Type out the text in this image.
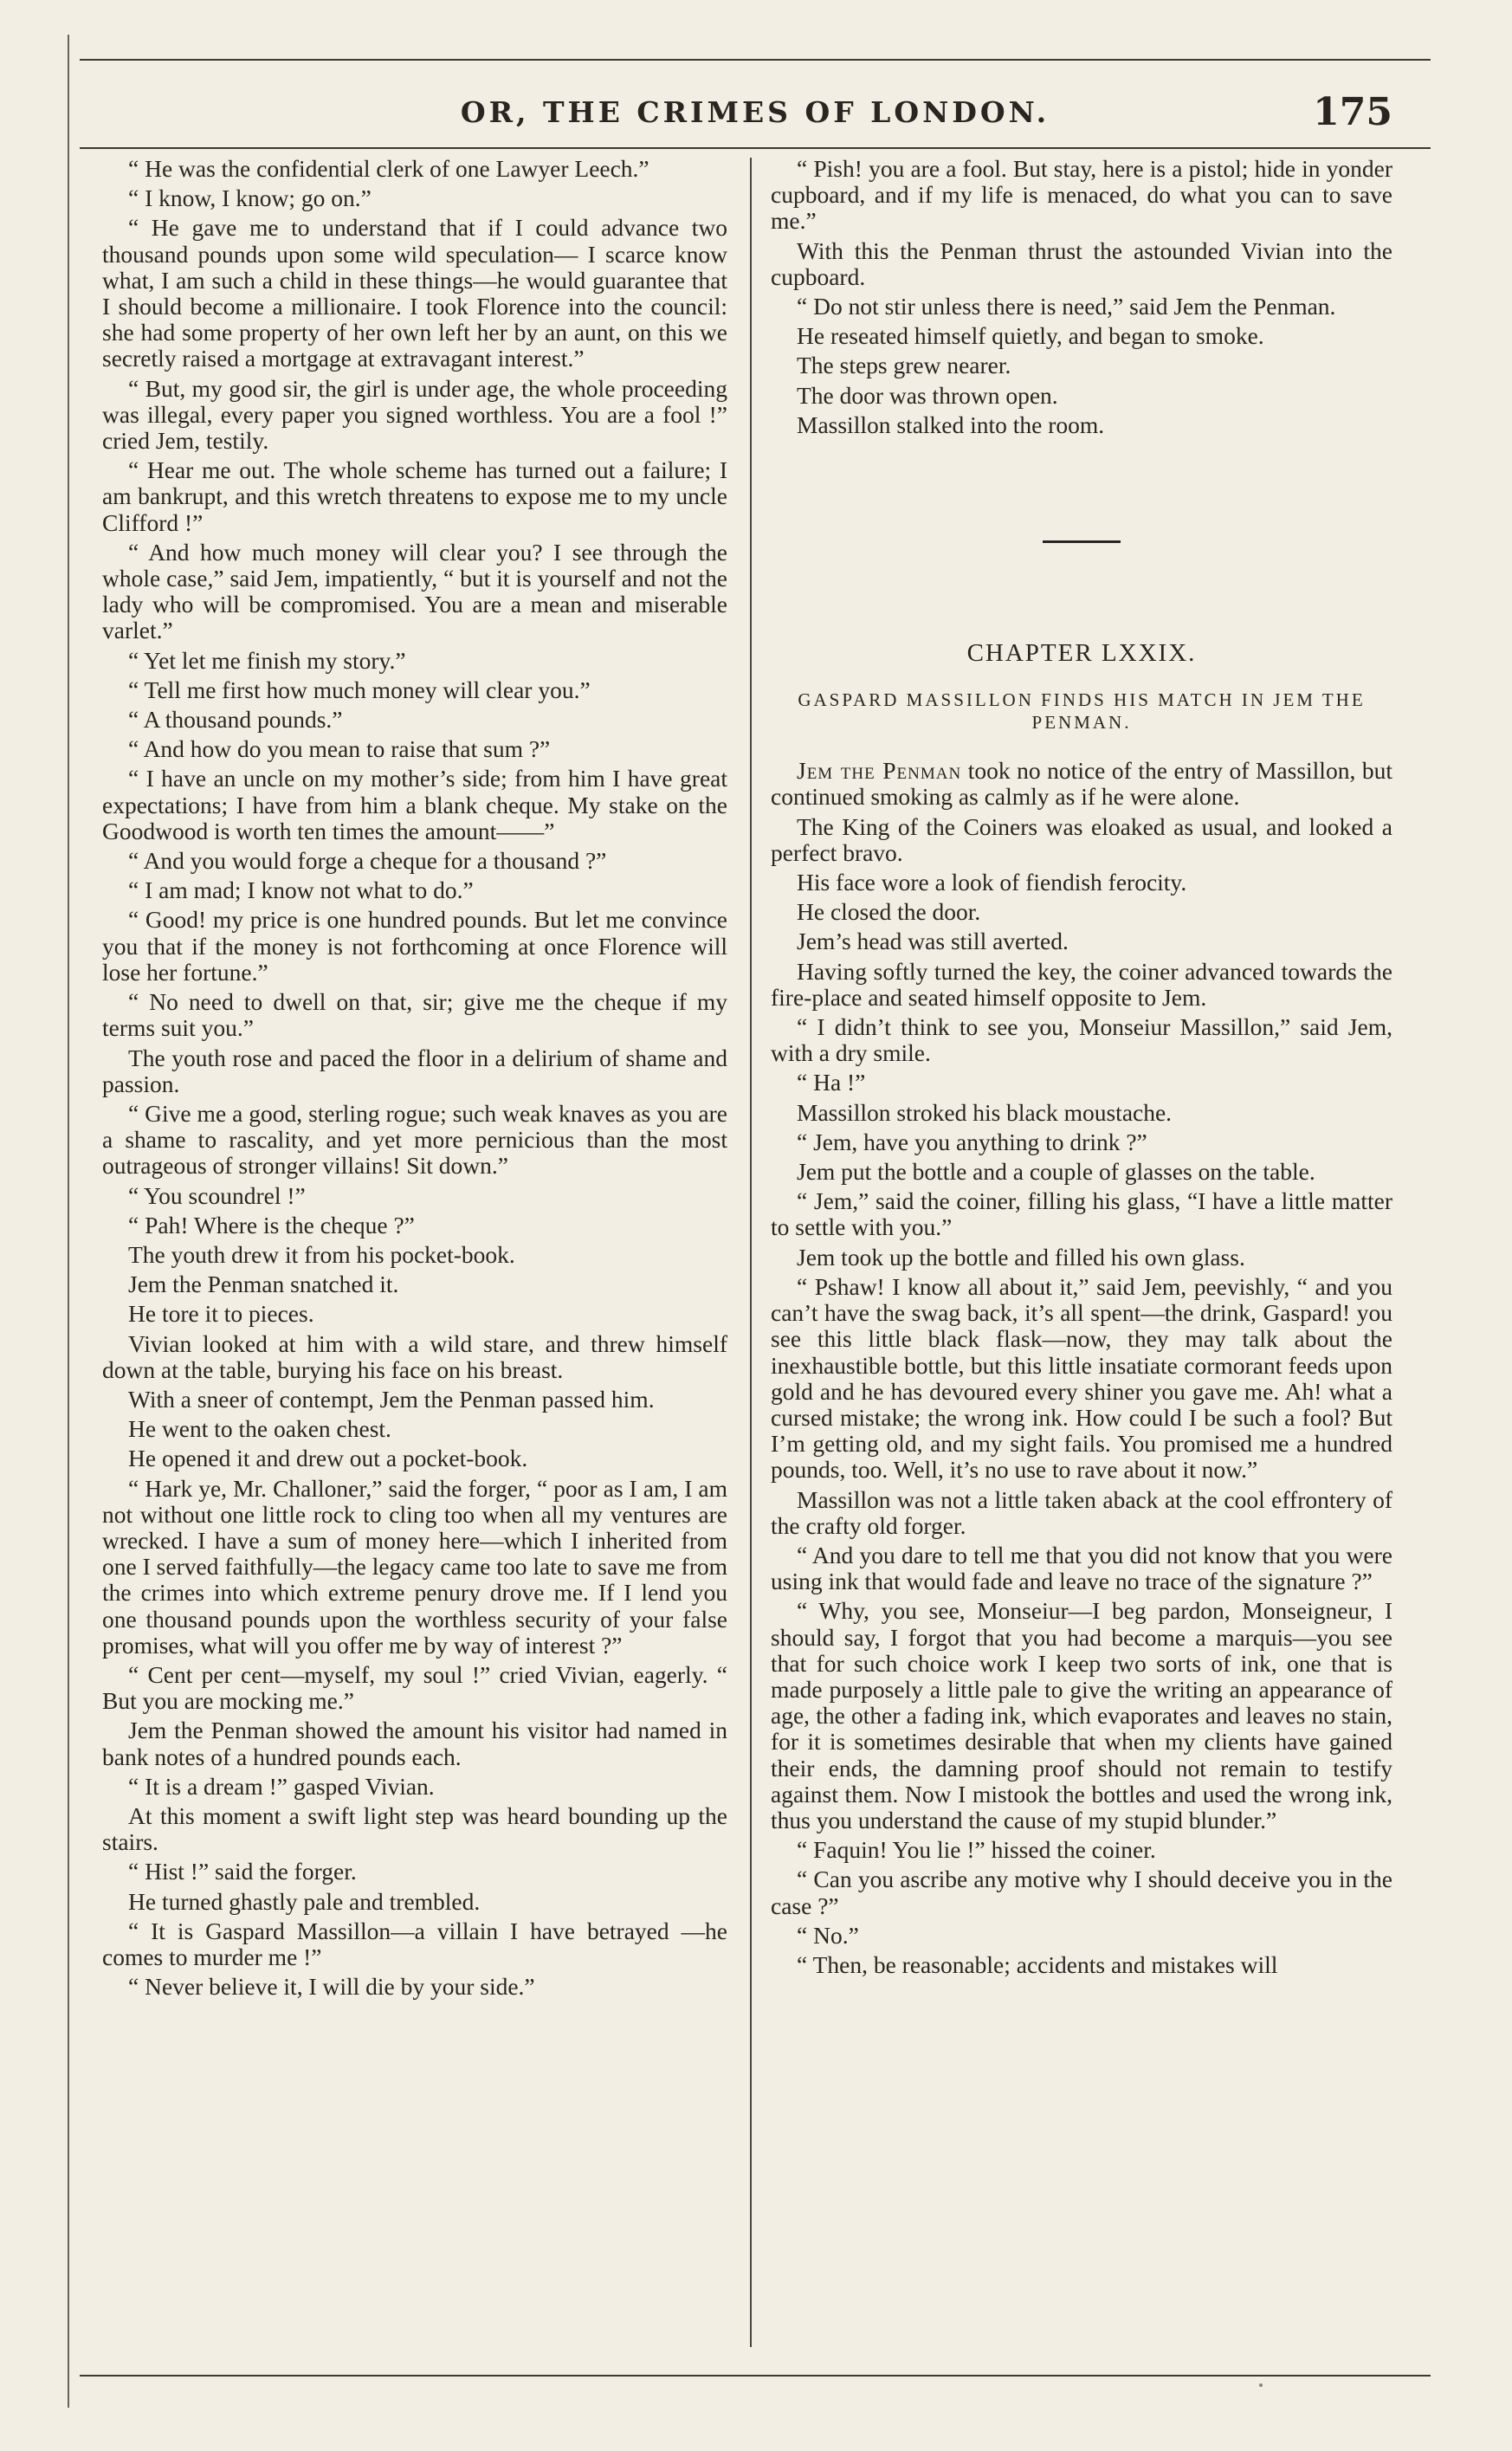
OR, THE CRIMES OF LONDON.	175

“ He was the confidential clerk of one Lawyer Leech.”

“ I know, I know; go on.”

“ He gave me to understand that if I could advance two thousand pounds upon some wild speculation— I scarce know what, I am such a child in these things—he would guarantee that I should become a millionaire. I took Florence into the council: she had some property of her own left her by an aunt, on this we secretly raised a mortgage at extravagant interest.”

“ But, my good sir, the girl is under age, the whole proceeding was illegal, every paper you signed worthless. You are a fool !” cried Jem, testily.

“ Hear me out. The whole scheme has turned out a failure; I am bankrupt, and this wretch threatens to expose me to my uncle Clifford !”

“ And how much money will clear you? I see through the whole case,” said Jem, impatiently, “ but it is yourself and not the lady who will be compromised. You are a mean and miserable varlet.”

“ Yet let me finish my story.”

“ Tell me first how much money will clear you.”

“ A thousand pounds.”

“ And how do you mean to raise that sum ?”

“ I have an uncle on my mother’s side; from him I have great expectations; I have from him a blank cheque. My stake on the Goodwood is worth ten times the amount——”

“ And you would forge a cheque for a thousand ?”

“ I am mad; I know not what to do.”

“ Good! my price is one hundred pounds. But let me convince you that if the money is not forthcoming at once Florence will lose her fortune.”

“ No need to dwell on that, sir; give me the cheque if my terms suit you.”

The youth rose and paced the floor in a delirium of shame and passion.

“ Give me a good, sterling rogue; such weak knaves as you are a shame to rascality, and yet more pernicious than the most outrageous of stronger villains! Sit down.”

“ You scoundrel !”

“ Pah! Where is the cheque ?”

The youth drew it from his pocket-book.

Jem the Penman snatched it.

He tore it to pieces.

Vivian looked at him with a wild stare, and threw himself down at the table, burying his face on his breast.

With a sneer of contempt, Jem the Penman passed him.

He went to the oaken chest.

He opened it and drew out a pocket-book.

“ Hark ye, Mr. Challoner,” said the forger, “ poor as I am, I am not without one little rock to cling too when all my ventures are wrecked. I have a sum of money here—which I inherited from one I served faithfully—the legacy came too late to save me from the crimes into which extreme penury drove me. If I lend you one thousand pounds upon the worthless security of your false promises, what will you offer me by way of interest ?”

“ Cent per cent—myself, my soul !” cried Vivian, eagerly. “ But you are mocking me.”

Jem the Penman showed the amount his visitor had named in bank notes of a hundred pounds each.

“ It is a dream !” gasped Vivian.

At this moment a swift light step was heard bounding up the stairs.

“ Hist !” said the forger.

He turned ghastly pale and trembled.

“ It is Gaspard Massillon—a villain I have betrayed —he comes to murder me !”

“ Never believe it, I will die by your side.”

“ Pish! you are a fool. But stay, here is a pistol; hide in yonder cupboard, and if my life is menaced, do what you can to save me.”

With this the Penman thrust the astounded Vivian into the cupboard.

“ Do not stir unless there is need,” said Jem the Penman.

He reseated himself quietly, and began to smoke.

The steps grew nearer.

The door was thrown open.

Massillon stalked into the room.

CHAPTER LXXIX.
GASPARD MASSILLON FINDS HIS MATCH IN JEM THE PENMAN.

Jem the Penman took no notice of the entry of Massillon, but continued smoking as calmly as if he were alone.

The King of the Coiners was eloaked as usual, and looked a perfect bravo.

His face wore a look of fiendish ferocity.

He closed the door.

Jem’s head was still averted.

Having softly turned the key, the coiner advanced towards the fire-place and seated himself opposite to Jem.

“ I didn’t think to see you, Monseiur Massillon,” said Jem, with a dry smile.

“ Ha !”

Massillon stroked his black moustache.

“ Jem, have you anything to drink ?”

Jem put the bottle and a couple of glasses on the table.

“ Jem,” said the coiner, filling his glass, “I have a little matter to settle with you.”

Jem took up the bottle and filled his own glass.

“ Pshaw! I know all about it,” said Jem, peevishly, “ and you can’t have the swag back, it’s all spent—the drink, Gaspard! you see this little black flask—now, they may talk about the inexhaustible bottle, but this little insatiate cormorant feeds upon gold and he has devoured every shiner you gave me. Ah! what a cursed mistake; the wrong ink. How could I be such a fool? But I’m getting old, and my sight fails. You promised me a hundred pounds, too. Well, it’s no use to rave about it now.”

Massillon was not a little taken aback at the cool effrontery of the crafty old forger.

“ And you dare to tell me that you did not know that you were using ink that would fade and leave no trace of the signature ?”

“ Why, you see, Monseiur—I beg pardon, Monseigneur, I should say, I forgot that you had become a marquis—you see that for such choice work I keep two sorts of ink, one that is made purposely a little pale to give the writing an appearance of age, the other a fading ink, which evaporates and leaves no stain, for it is sometimes desirable that when my clients have gained their ends, the damning proof should not remain to testify against them. Now I mistook the bottles and used the wrong ink, thus you understand the cause of my stupid blunder.”

“ Faquin! You lie !” hissed the coiner.

“ Can you ascribe any motive why I should deceive you in the case ?”

“ No.”

“ Then, be reasonable; accidents and mistakes will
